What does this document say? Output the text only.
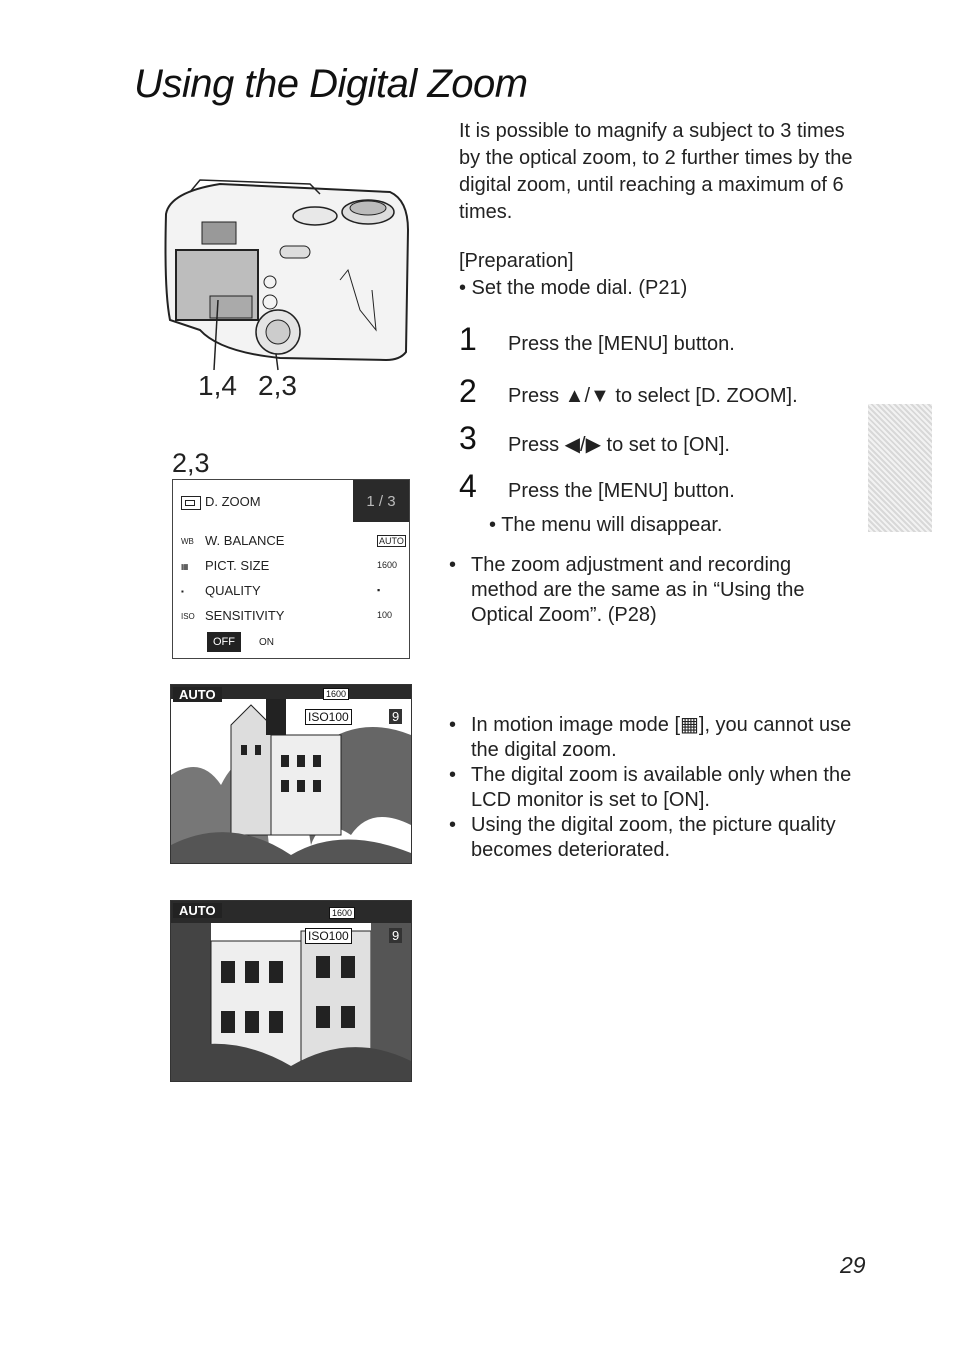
Using the Digital Zoom
1,4 2,3
2,3
1 / 3
D. ZOOM
WB W. BALANCE	AUTO
▦ PICT. SIZE	1600
▪ QUALITY	▪
ISO SENSITIVITY	100
OFF	ON
AUTO	1600
ISO100	9
AUTO	1600
ISO100	9

It is possible to magnify a subject to 3 times by the optical zoom, to 2 further times by the digital zoom, until reaching a maximum of 6 times.

[Preparation]
• Set the mode dial. (P21)
1 Press the [MENU] button.
2 Press ▲/▼ to select [D. ZOOM].
3 Press ◀/▶ to set to [ON].
4 Press the [MENU] button.
• The menu will disappear.
• The zoom adjustment and recording method are the same as in “Using the Optical Zoom”. (P28)
• In motion image mode [▦], you cannot use the digital zoom.
• The digital zoom is available only when the LCD monitor is set to [ON].
• Using the digital zoom, the picture quality becomes deteriorated.
29
